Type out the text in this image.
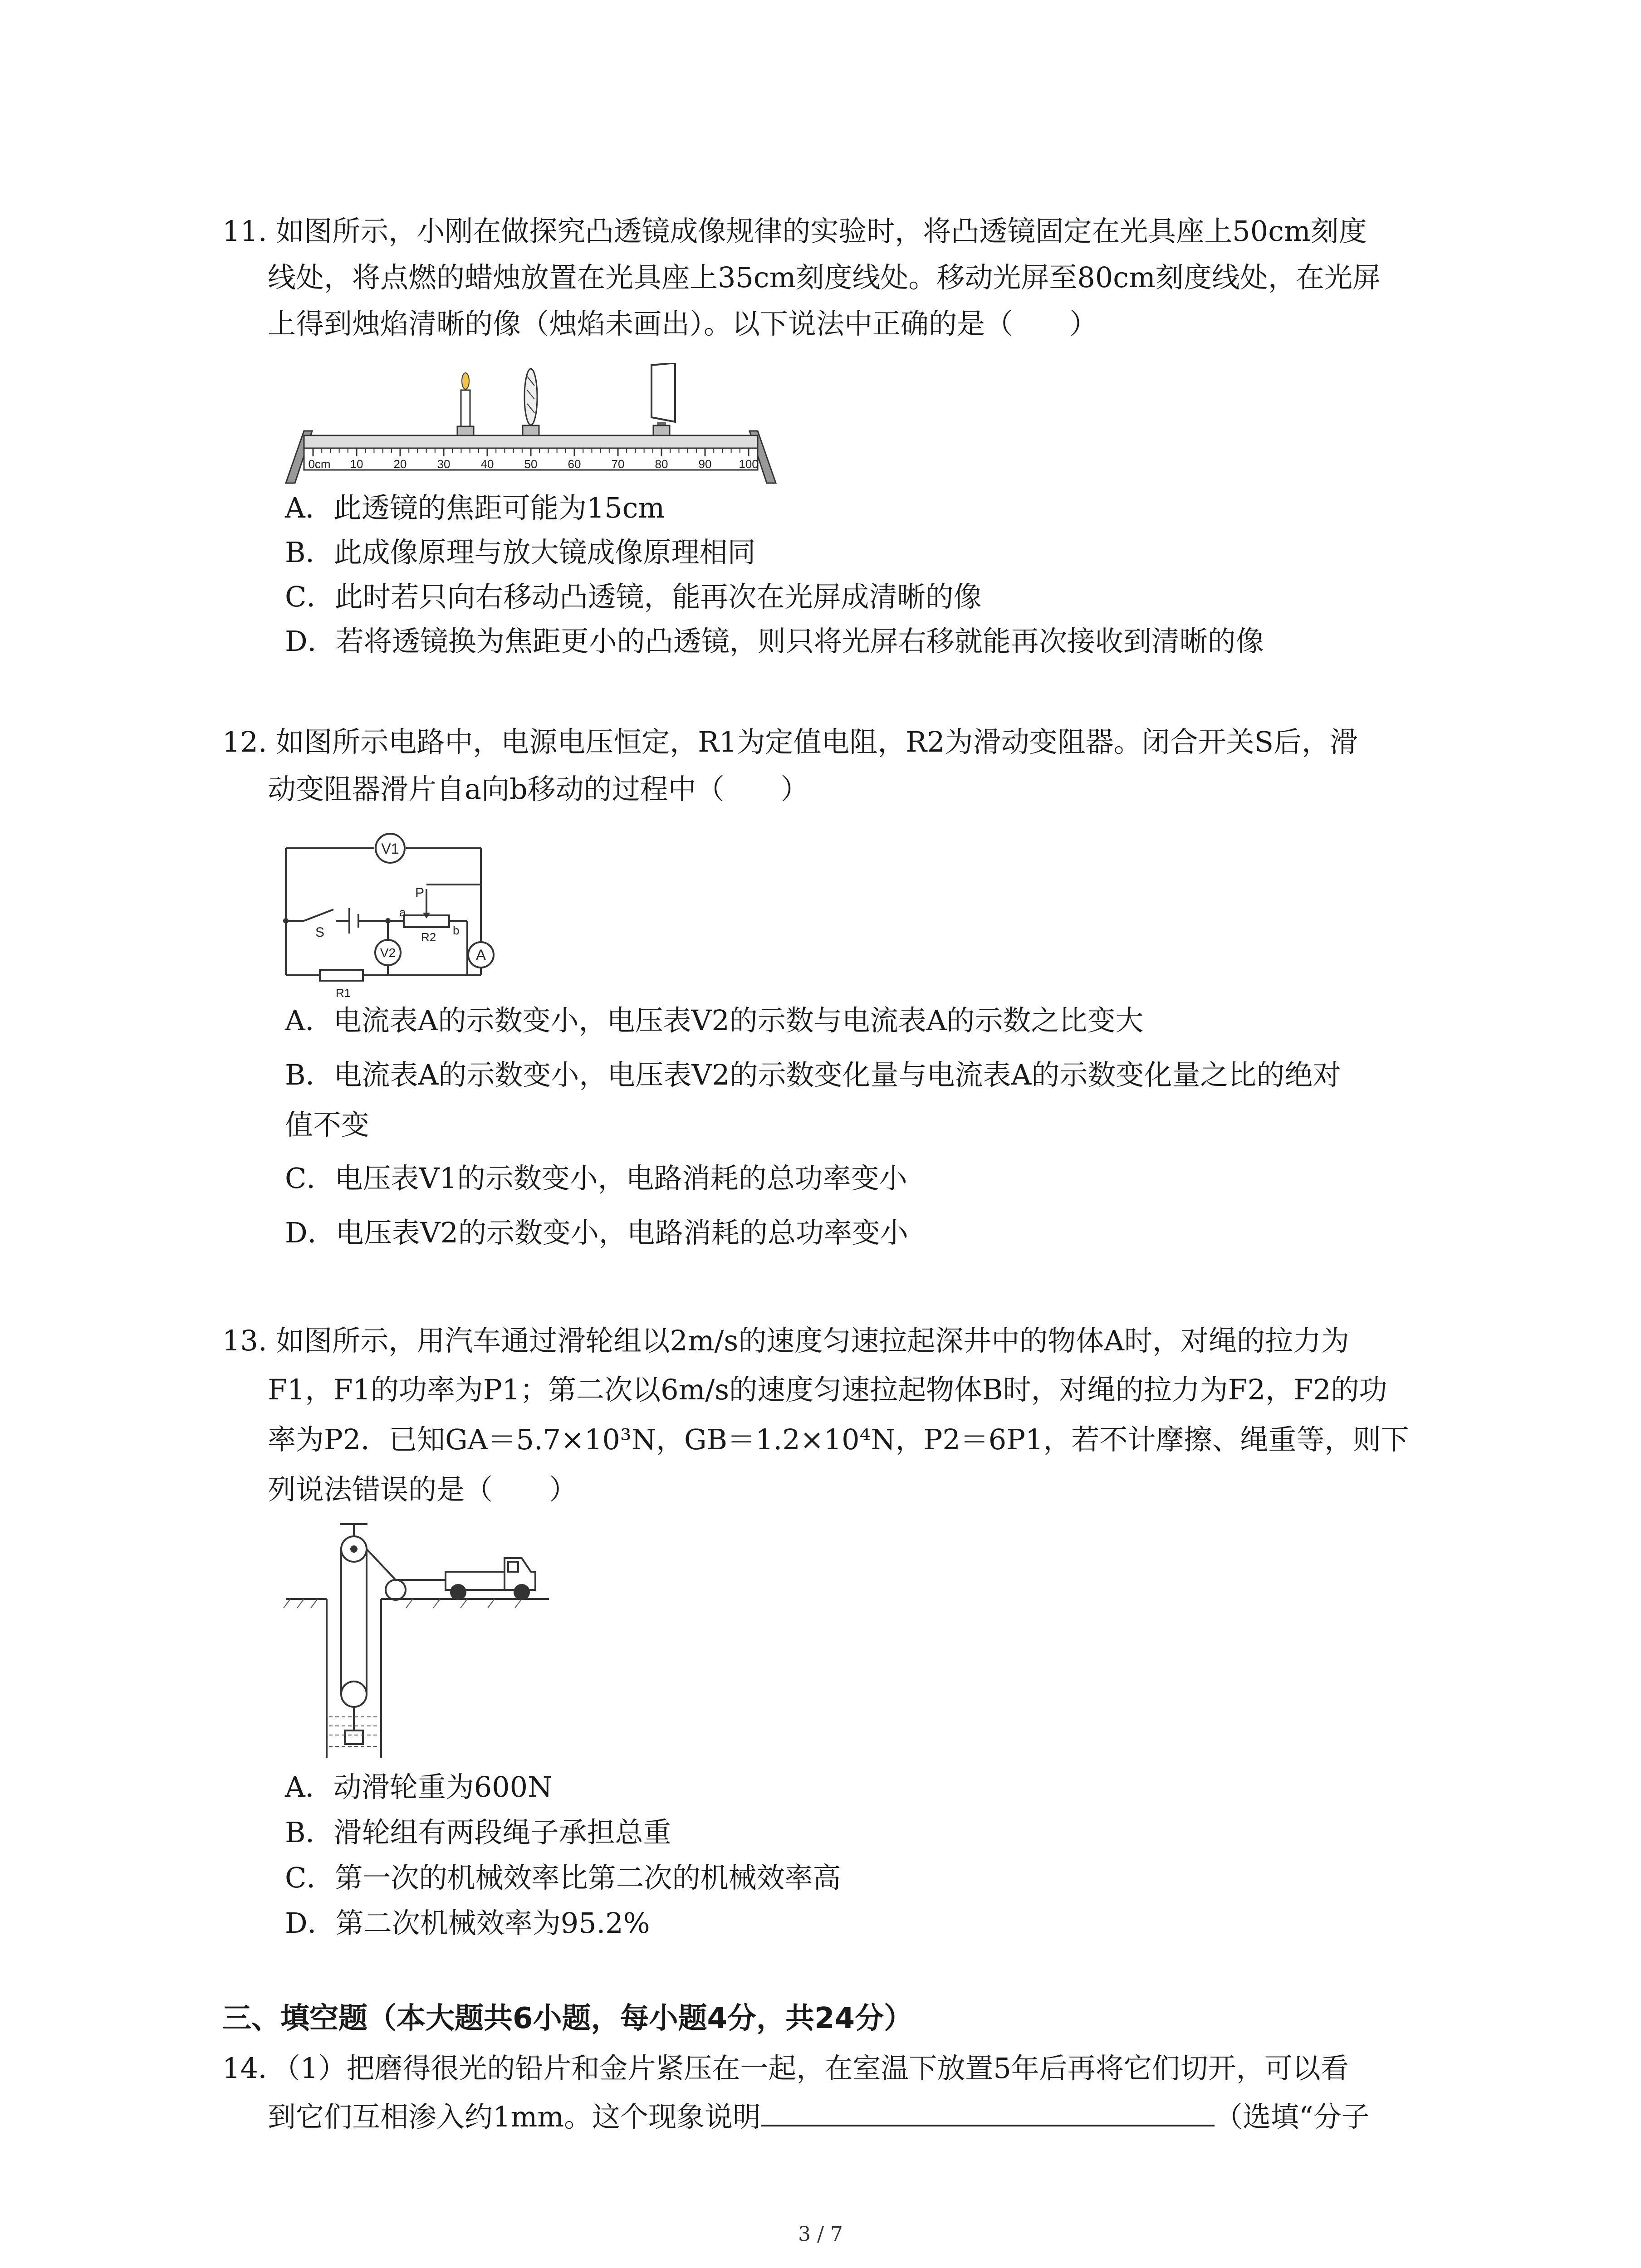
11. 如图所示，小刚在做探究凸透镜成像规律的实验时，将凸透镜固定在光具座上50cm刻度
线处，将点燃的蜡烛放置在光具座上35cm刻度线处。移动光屏至80cm刻度线处，在光屏
上得到烛焰清晰的像（烛焰未画出）。以下说法中正确的是（　　）
0cm 10	20	30	40	50	60	70	80	90 100
A．此透镜的焦距可能为15cm
B．此成像原理与放大镜成像原理相同
C．此时若只向右移动凸透镜，能再次在光屏成清晰的像
D．若将透镜换为焦距更小的凸透镜，则只将光屏右移就能再次接收到清晰的像
12. 如图所示电路中，电源电压恒定，R1为定值电阻，R2为滑动变阻器。闭合开关S后，滑
动变阻器滑片自a向b移动的过程中（　　）
V1
V2	A
P
S
a
b
R2
R1
A．电流表A的示数变小，电压表V2的示数与电流表A的示数之比变大
B．电流表A的示数变小，电压表V2的示数变化量与电流表A的示数变化量之比的绝对
值不变
C．电压表V1的示数变小，电路消耗的总功率变小
D．电压表V2的示数变小，电路消耗的总功率变小
13. 如图所示，用汽车通过滑轮组以2m/s的速度匀速拉起深井中的物体A时，对绳的拉力为
F1，F1的功率为P1；第二次以6m/s的速度匀速拉起物体B时，对绳的拉力为F2，F2的功
率为P2．已知GA＝5.7×10³N，GB＝1.2×10⁴N，P2＝6P1，若不计摩擦、绳重等，则下
列说法错误的是（　　）
A．动滑轮重为600N
B．滑轮组有两段绳子承担总重
C．第一次的机械效率比第二次的机械效率高
D．第二次机械效率为95.2%
三、填空题（本大题共6小题，每小题4分，共24分）
14．（1）把磨得很光的铅片和金片紧压在一起，在室温下放置5年后再将它们切开，可以看
到它们互相渗入约1mm。这个现象说明	（选填“分子
3 / 7
